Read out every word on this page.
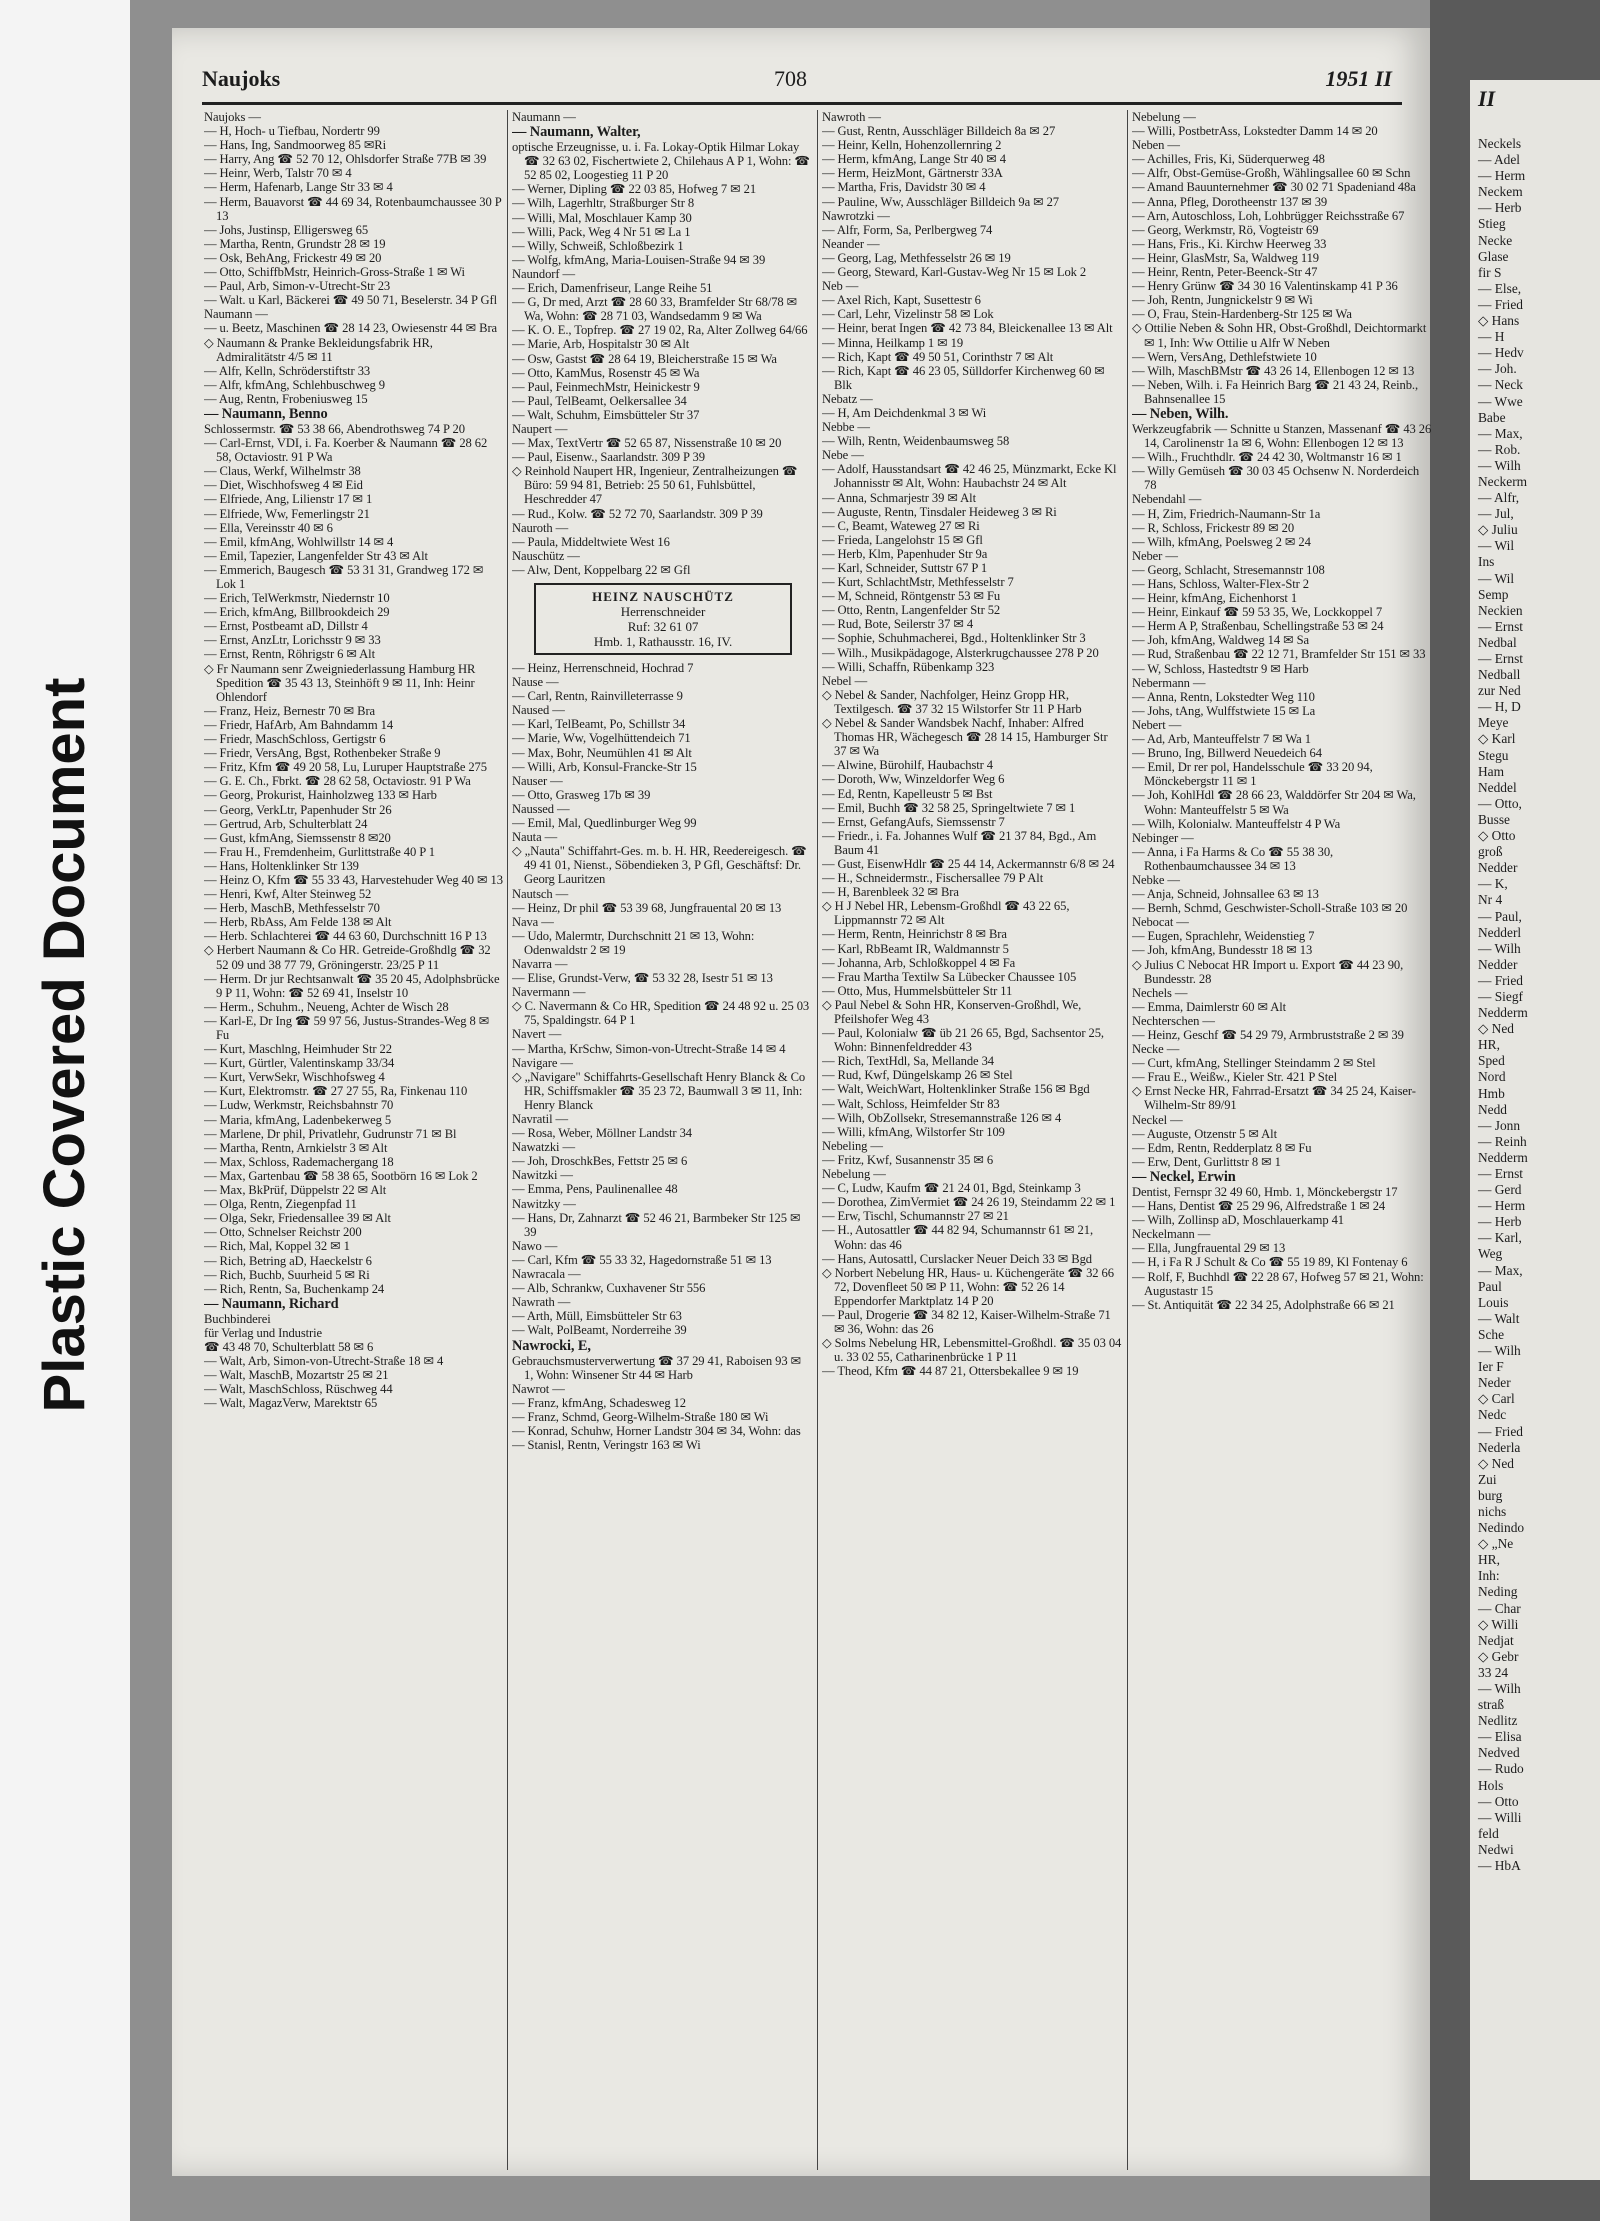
Plastic Covered Document
II
Neckels
— Adel
— Herm
Neckem
— Herb
Stieg
Necke
Glase
fir S
— Else,
— Fried
◇ Hans
— H
— Hedv
— Joh.
— Neck
— Wwe
Babe
— Max,
— Rob.
— Wilh
Neckerm
— Alfr,
— Jul,
◇ Juliu
— Wil
Ins
— Wil
Semp
Neckien
— Ernst
Nedbal
— Ernst
Nedball
zur Ned
— H, D
Meye
◇ Karl
Stegu
Ham
Neddel
— Otto,
Busse
◇ Otto
groß
Nedder
— K,
Nr 4
— Paul,
Nedderl
— Wilh
Nedder
— Fried
— Siegf
Nedderm
◇ Ned
HR,
Sped
Nord
Hmb
Nedd
— Jonn
— Reinh
Nedderm
— Ernst
— Gerd
— Herm
— Herb
— Karl,
Weg
— Max,
Paul
Louis
— Walt
Sche
— Wilh
Ier F
Neder
◇ Carl
Nedc
— Fried
Nederla
◇ Ned
Zui
burg
nichs
Nedindo
◇ „Ne
HR,
Inh:
Neding
— Char
◇ Willi
Nedjat
◇ Gebr
33 24
— Wilh
straß
Nedlitz
— Elisa
Nedved
— Rudo
Hols
— Otto
— Willi
feld
Nedwi
— HbA
Naujoks	708	1951 II

Naujoks —

— H, Hoch- u Tiefbau, Nordertr 99

— Hans, Ing, Sandmoorweg 85 ✉Ri

— Harry, Ang ☎ 52 70 12, Ohlsdorfer Straße 77B ✉ 39

— Heinr, Werb, Talstr 70 ✉ 4

— Herm, Hafenarb, Lange Str 33 ✉ 4

— Herm, Bauavorst ☎ 44 69 34, Rotenbaumchaussee 30 P 13

— Johs, Justinsp, Elligersweg 65

— Martha, Rentn, Grundstr 28 ✉ 19

— Osk, BehAng, Frickestr 49 ✉ 20

— Otto, SchiffbMstr, Heinrich-Gross-Straße 1 ✉ Wi

— Paul, Arb, Simon-v-Utrecht-Str 23

— Walt. u Karl, Bäckerei ☎ 49 50 71, Beselerstr. 34 P Gfl

Naumann —

— u. Beetz, Maschinen ☎ 28 14 23, Owiesenstr 44 ✉ Bra

◇ Naumann & Pranke Bekleidungsfabrik HR, Admiralitätstr 4/5 ✉ 11

— Alfr, Kelln, Schröderstiftstr 33

— Alfr, kfmAng, Schlehbuschweg 9

— Aug, Rentn, Frobeniusweg 15

— Naumann, Benno

Schlossermstr. ☎ 53 38 66, Abendrothsweg 74 P 20

— Carl-Ernst, VDI, i. Fa. Koerber & Naumann ☎ 28 62 58, Octaviostr. 91 P Wa

— Claus, Werkf, Wilhelmstr 38

— Diet, Wischhofsweg 4 ✉ Eid

— Elfriede, Ang, Lilienstr 17 ✉ 1

— Elfriede, Ww, Femerlingstr 21

— Ella, Vereinsstr 40 ✉ 6

— Emil, kfmAng, Wohlwillstr 14 ✉ 4

— Emil, Tapezier, Langenfelder Str 43 ✉ Alt

— Emmerich, Baugesch ☎ 53 31 31, Grandweg 172 ✉ Lok 1

— Erich, TelWerkmstr, Niedernstr 10

— Erich, kfmAng, Billbrookdeich 29

— Ernst, Postbeamt aD, Dillstr 4

— Ernst, AnzLtr, Lorichsstr 9 ✉ 33

— Ernst, Rentn, Röhrigstr 6 ✉ Alt

◇ Fr Naumann senr Zweigniederlassung Hamburg HR Spedition ☎ 35 43 13, Steinhöft 9 ✉ 11, Inh: Heinr Ohlendorf

— Franz, Heiz, Bernestr 70 ✉ Bra

— Friedr, HafArb, Am Bahndamm 14

— Friedr, MaschSchloss, Gertigstr 6

— Friedr, VersAng, Bgst, Rothenbeker Straße 9

— Fritz, Kfm ☎ 49 20 58, Lu, Luruper Hauptstraße 275

— G. E. Ch., Fbrkt. ☎ 28 62 58, Octaviostr. 91 P Wa

— Georg, Prokurist, Hainholzweg 133 ✉ Harb

— Georg, VerkLtr, Papenhuder Str 26

— Gertrud, Arb, Schulterblatt 24

— Gust, kfmAng, Siemssenstr 8 ✉20

— Frau H., Fremdenheim, Gurlittstraße 40 P 1

— Hans, Holtenklinker Str 139

— Heinz O, Kfm ☎ 55 33 43, Harvestehuder Weg 40 ✉ 13

— Henri, Kwf, Alter Steinweg 52

— Herb, MaschB, Methfesselstr 70

— Herb, RbAss, Am Felde 138 ✉ Alt

— Herb. Schlachterei ☎ 44 63 60, Durchschnitt 16 P 13

◇ Herbert Naumann & Co HR. Getreide-Großhdlg ☎ 32 52 09 und 38 77 79, Gröningerstr. 23/25 P 11

— Herm. Dr jur Rechtsanwalt ☎ 35 20 45, Adolphsbrücke 9 P 11, Wohn: ☎ 52 69 41, Inselstr 10

— Herm., Schuhm., Neueng, Achter de Wisch 28

— Karl-E, Dr Ing ☎ 59 97 56, Justus-Strandes-Weg 8 ✉ Fu

— Kurt, Maschlng, Heimhuder Str 22

— Kurt, Gürtler, Valentinskamp 33/34

— Kurt, VerwSekr, Wischhofsweg 4

— Kurt, Elektromstr. ☎ 27 27 55, Ra, Finkenau 110

— Ludw, Werkmstr, Reichsbahnstr 70

— Maria, kfmAng, Ladenbekerweg 5

— Marlene, Dr phil, Privatlehr, Gudrunstr 71 ✉ Bl

— Martha, Rentn, Arnkielstr 3 ✉ Alt

— Max, Schloss, Rademachergang 18

— Max, Gartenbau ☎ 58 38 65, Sootbörn 16 ✉ Lok 2

— Max, BkPrüf, Düppelstr 22 ✉ Alt

— Olga, Rentn, Ziegenpfad 11

— Olga, Sekr, Friedensallee 39 ✉ Alt

— Otto, Schnelser Reichstr 200

— Rich, Mal, Koppel 32 ✉ 1

— Rich, Betring aD, Haeckelstr 6

— Rich, Buchb, Suurheid 5 ✉ Ri

— Rich, Rentn, Sa, Buchenkamp 24

— Naumann, Richard

Buchbinderei

für Verlag und Industrie

☎ 43 48 70, Schulterblatt 58 ✉ 6

— Walt, Arb, Simon-von-Utrecht-Straße 18 ✉ 4

— Walt, MaschB, Mozartstr 25 ✉ 21

— Walt, MaschSchloss, Rüschweg 44

— Walt, MagazVerw, Marektstr 65

Naumann —

— Naumann, Walter,

optische Erzeugnisse, u. i. Fa. Lokay-Optik Hilmar Lokay ☎ 32 63 02, Fischertwiete 2, Chilehaus A P 1, Wohn: ☎ 52 85 02, Loogestieg 11 P 20

— Werner, Dipling ☎ 22 03 85, Hofweg 7 ✉ 21

— Wilh, Lagerhltr, Straßburger Str 8

— Willi, Mal, Moschlauer Kamp 30

— Willi, Pack, Weg 4 Nr 51 ✉ La 1

— Willy, Schweiß, Schloßbezirk 1

— Wolfg, kfmAng, Maria-Louisen-Straße 94 ✉ 39

Naundorf —

— Erich, Damenfriseur, Lange Reihe 51

— G, Dr med, Arzt ☎ 28 60 33, Bramfelder Str 68/78 ✉ Wa, Wohn: ☎ 28 71 03, Wandsedamm 9 ✉ Wa

— K. O. E., Topfrep. ☎ 27 19 02, Ra, Alter Zollweg 64/66

— Marie, Arb, Hospitalstr 30 ✉ Alt

— Osw, Gastst ☎ 28 64 19, Bleicherstraße 15 ✉ Wa

— Otto, KamMus, Rosenstr 45 ✉ Wa

— Paul, FeinmechMstr, Heinickestr 9

— Paul, TelBeamt, Oelkersallee 34

— Walt, Schuhm, Eimsbütteler Str 37

Naupert —

— Max, TextVertr ☎ 52 65 87, Nissenstraße 10 ✉ 20

— Paul, Eisenw., Saarlandstr. 309 P 39

◇ Reinhold Naupert HR, Ingenieur, Zentralheizungen ☎ Büro: 59 94 81, Betrieb: 25 50 61, Fuhlsbüttel, Heschredder 47

— Rud., Kolw. ☎ 52 72 70, Saarlandstr. 309 P 39

Nauroth —

— Paula, Middeltwiete West 16

Nauschütz —

— Alw, Dent, Koppelbarg 22 ✉ Gfl

HEINZ NAUSCHÜTZ
Herrenschneider
Ruf: 32 61 07
Hmb. 1, Rathausstr. 16, IV.

— Heinz, Herrenschneid, Hochrad 7

Nause —

— Carl, Rentn, Rainvilleterrasse 9

Naused —

— Karl, TelBeamt, Po, Schillstr 34

— Marie, Ww, Vogelhüttendeich 71

— Max, Bohr, Neumühlen 41 ✉ Alt

— Willi, Arb, Konsul-Francke-Str 15

Nauser —

— Otto, Grasweg 17b ✉ 39

Naussed —

— Emil, Mal, Quedlinburger Weg 99

Nauta —

◇ „Nauta" Schiffahrt-Ges. m. b. H. HR, Reedereigesch. ☎ 49 41 01, Nienst., Söbendieken 3, P Gfl, Geschäftsf: Dr. Georg Lauritzen

Nautsch —

— Heinz, Dr phil ☎ 53 39 68, Jungfrauental 20 ✉ 13

Nava —

— Udo, Malermtr, Durchschnitt 21 ✉ 13, Wohn: Odenwaldstr 2 ✉ 19

Navarra —

— Elise, Grundst-Verw, ☎ 53 32 28, Isestr 51 ✉ 13

Navermann —

◇ C. Navermann & Co HR, Spedition ☎ 24 48 92 u. 25 03 75, Spaldingstr. 64 P 1

Navert —

— Martha, KrSchw, Simon-von-Utrecht-Straße 14 ✉ 4

Navigare —

◇ „Navigare" Schiffahrts-Gesellschaft Henry Blanck & Co HR, Schiffsmakler ☎ 35 23 72, Baumwall 3 ✉ 11, Inh: Henry Blanck

Navratil —

— Rosa, Weber, Möllner Landstr 34

Nawatzki —

— Joh, DroschkBes, Fettstr 25 ✉ 6

Nawitzki —

— Emma, Pens, Paulinenallee 48

Nawitzky —

— Hans, Dr, Zahnarzt ☎ 52 46 21, Barmbeker Str 125 ✉ 39

Nawo —

— Carl, Kfm ☎ 55 33 32, Hagedornstraße 51 ✉ 13

Nawracala —

— Alb, Schrankw, Cuxhavener Str 556

Nawrath —

— Arth, Müll, Eimsbütteler Str 63

— Walt, PolBeamt, Norderreihe 39

Nawrocki, E,

Gebrauchsmusterverwertung ☎ 37 29 41, Raboisen 93 ✉ 1, Wohn: Winsener Str 44 ✉ Harb

Nawrot —

— Franz, kfmAng, Schadesweg 12

— Franz, Schmd, Georg-Wilhelm-Straße 180 ✉ Wi

— Konrad, Schuhw, Horner Landstr 304 ✉ 34, Wohn: das

— Stanisl, Rentn, Veringstr 163 ✉ Wi

Nawroth —

— Gust, Rentn, Ausschläger Billdeich 8a ✉ 27

— Heinr, Kelln, Hohenzollernring 2

— Herm, kfmAng, Lange Str 40 ✉ 4

— Herm, HeizMont, Gärtnerstr 33A

— Martha, Fris, Davidstr 30 ✉ 4

— Pauline, Ww, Ausschläger Billdeich 9a ✉ 27

Nawrotzki —

— Alfr, Form, Sa, Perlbergweg 74

Neander —

— Georg, Lag, Methfesselstr 26 ✉ 19

— Georg, Steward, Karl-Gustav-Weg Nr 15 ✉ Lok 2

Neb —

— Axel Rich, Kapt, Susettestr 6

— Carl, Lehr, Vizelinstr 58 ✉ Lok

— Heinr, berat Ingen ☎ 42 73 84, Bleickenallee 13 ✉ Alt

— Minna, Heilkamp 1 ✉ 19

— Rich, Kapt ☎ 49 50 51, Corinthstr 7 ✉ Alt

— Rich, Kapt ☎ 46 23 05, Sülldorfer Kirchenweg 60 ✉ Blk

Nebatz —

— H, Am Deichdenkmal 3 ✉ Wi

Nebbe —

— Wilh, Rentn, Weidenbaumsweg 58

Nebe —

— Adolf, Hausstandsart ☎ 42 46 25, Münzmarkt, Ecke Kl Johannisstr ✉ Alt, Wohn: Haubachstr 24 ✉ Alt

— Anna, Schmarjestr 39 ✉ Alt

— Auguste, Rentn, Tinsdaler Heideweg 3 ✉ Ri

— C, Beamt, Wateweg 27 ✉ Ri

— Frieda, Langelohstr 15 ✉ Gfl

— Herb, Klm, Papenhuder Str 9a

— Karl, Schneider, Suttstr 67 P 1

— Kurt, SchlachtMstr, Methfesselstr 7

— M, Schneid, Röntgenstr 53 ✉ Fu

— Otto, Rentn, Langenfelder Str 52

— Rud, Bote, Seilerstr 37 ✉ 4

— Sophie, Schuhmacherei, Bgd., Holtenklinker Str 3

— Wilh., Musikpädagoge, Alsterkrugchaussee 278 P 20

— Willi, Schaffn, Rübenkamp 323

Nebel —

◇ Nebel & Sander, Nachfolger, Heinz Gropp HR, Textilgesch. ☎ 37 32 15 Wilstorfer Str 11 P Harb

◇ Nebel & Sander Wandsbek Nachf, Inhaber: Alfred Thomas HR, Wächegesch ☎ 28 14 15, Hamburger Str 37 ✉ Wa

— Alwine, Bürohilf, Haubachstr 4

— Doroth, Ww, Winzeldorfer Weg 6

— Ed, Rentn, Kapelleustr 5 ✉ Bst

— Emil, Buchh ☎ 32 58 25, Springeltwiete 7 ✉ 1

— Ernst, GefangAufs, Siemssenstr 7

— Friedr., i. Fa. Johannes Wulf ☎ 21 37 84, Bgd., Am Baum 41

— Gust, EisenwHdlr ☎ 25 44 14, Ackermannstr 6/8 ✉ 24

— H., Schneidermstr., Fischersallee 79 P Alt

— H, Barenbleek 32 ✉ Bra

◇ H J Nebel HR, Lebensm-Großhdl ☎ 43 22 65, Lippmannstr 72 ✉ Alt

— Herm, Rentn, Heinrichstr 8 ✉ Bra

— Karl, RbBeamt IR, Waldmannstr 5

— Johanna, Arb, Schloßkoppel 4 ✉ Fa

— Frau Martha Textilw Sa Lübecker Chaussee 105

— Otto, Mus, Hummelsbütteler Str 11

◇ Paul Nebel & Sohn HR, Konserven-Großhdl, We, Pfeilshofer Weg 43

— Paul, Kolonialw ☎ üb 21 26 65, Bgd, Sachsentor 25, Wohn: Binnenfeldredder 43

— Rich, TextHdl, Sa, Mellande 34

— Rud, Kwf, Düngelskamp 26 ✉ Stel

— Walt, WeichWart, Holtenklinker Straße 156 ✉ Bgd

— Walt, Schloss, Heimfelder Str 83

— Wilh, ObZollsekr, Stresemannstraße 126 ✉ 4

— Willi, kfmAng, Wilstorfer Str 109

Nebeling —

— Fritz, Kwf, Susannenstr 35 ✉ 6

Nebelung —

— C, Ludw, Kaufm ☎ 21 24 01, Bgd, Steinkamp 3

— Dorothea, ZimVermiet ☎ 24 26 19, Steindamm 22 ✉ 1

— Erw, Tischl, Schumannstr 27 ✉ 21

— H., Autosattler ☎ 44 82 94, Schumannstr 61 ✉ 21, Wohn: das 46

— Hans, Autosattl, Curslacker Neuer Deich 33 ✉ Bgd

◇ Norbert Nebelung HR, Haus- u. Küchengeräte ☎ 32 66 72, Dovenfleet 50 ✉ P 11, Wohn: ☎ 52 26 14 Eppendorfer Marktplatz 14 P 20

— Paul, Drogerie ☎ 34 82 12, Kaiser-Wilhelm-Straße 71 ✉ 36, Wohn: das 26

◇ Solms Nebelung HR, Lebensmittel-Großhdl. ☎ 35 03 04 u. 33 02 55, Catharinenbrücke 1 P 11

— Theod, Kfm ☎ 44 87 21, Ottersbekallee 9 ✉ 19

Nebelung —

— Willi, PostbetrAss, Lokstedter Damm 14 ✉ 20

Neben —

— Achilles, Fris, Ki, Süderquerweg 48

— Alfr, Obst-Gemüse-Großh, Wählingsallee 60 ✉ Schn

— Amand Bauunternehmer ☎ 30 02 71 Spadeniand 48a

— Anna, Pfleg, Dorotheenstr 137 ✉ 39

— Arn, Autoschloss, Loh, Lohbrügger Reichsstraße 67

— Georg, Werkmstr, Rö, Vogteistr 69

— Hans, Fris., Ki. Kirchw Heerweg 33

— Heinr, GlasMstr, Sa, Waldweg 119

— Heinr, Rentn, Peter-Beenck-Str 47

— Henry Grünw ☎ 34 30 16 Valentinskamp 41 P 36

— Joh, Rentn, Jungnickelstr 9 ✉ Wi

— O, Frau, Stein-Hardenberg-Str 125 ✉ Wa

◇ Ottilie Neben & Sohn HR, Obst-Großhdl, Deichtormarkt ✉ 1, Inh: Ww Ottilie u Alfr W Neben

— Wern, VersAng, Dethlefstwiete 10

— Wilh, MaschBMstr ☎ 43 26 14, Ellenbogen 12 ✉ 13

— Neben, Wilh. i. Fa Heinrich Barg ☎ 21 43 24, Reinb., Bahnsenallee 15

— Neben, Wilh.

Werkzeugfabrik — Schnitte u Stanzen, Massenanf ☎ 43 26 14, Carolinenstr 1a ✉ 6, Wohn: Ellenbogen 12 ✉ 13

— Wilh., Fruchthdlr. ☎ 24 42 30, Woltmanstr 16 ✉ 1

— Willy Gemüseh ☎ 30 03 45 Ochsenw N. Norderdeich 78

Nebendahl —

— H, Zim, Friedrich-Naumann-Str 1a

— R, Schloss, Frickestr 89 ✉ 20

— Wilh, kfmAng, Poelsweg 2 ✉ 24

Neber —

— Georg, Schlacht, Stresemannstr 108

— Hans, Schloss, Walter-Flex-Str 2

— Heinr, kfmAng, Eichenhorst 1

— Heinr, Einkauf ☎ 59 53 35, We, Lockkoppel 7

— Herm A P, Straßenbau, Schellingstraße 53 ✉ 24

— Joh, kfmAng, Waldweg 14 ✉ Sa

— Rud, Straßenbau ☎ 22 12 71, Bramfelder Str 151 ✉ 33

— W, Schloss, Hastedtstr 9 ✉ Harb

Nebermann —

— Anna, Rentn, Lokstedter Weg 110

— Johs, tAng, Wulffstwiete 15 ✉ La

Nebert —

— Ad, Arb, Manteuffelstr 7 ✉ Wa 1

— Bruno, Ing, Billwerd Neuedeich 64

— Emil, Dr rer pol, Handelsschule ☎ 33 20 94, Mönckebergstr 11 ✉ 1

— Joh, KohlHdl ☎ 28 66 23, Walddörfer Str 204 ✉ Wa, Wohn: Manteuffelstr 5 ✉ Wa

— Wilh, Kolonialw. Manteuffelstr 4 P Wa

Nebinger —

— Anna, i Fa Harms & Co ☎ 55 38 30, Rothenbaumchaussee 34 ✉ 13

Nebke —

— Anja, Schneid, Johnsallee 63 ✉ 13

— Bernh, Schmd, Geschwister-Scholl-Straße 103 ✉ 20

Nebocat —

— Eugen, Sprachlehr, Weidenstieg 7

— Joh, kfmAng, Bundesstr 18 ✉ 13

◇ Julius C Nebocat HR Import u. Export ☎ 44 23 90, Bundesstr. 28

Nechels —

— Emma, Daimlerstr 60 ✉ Alt

Nechterschen —

— Heinz, Geschf ☎ 54 29 79, Armbruststraße 2 ✉ 39

Necke —

— Curt, kfmAng, Stellinger Steindamm 2 ✉ Stel

— Frau E., Weißw., Kieler Str. 421 P Stel

◇ Ernst Necke HR, Fahrrad-Ersatzt ☎ 34 25 24, Kaiser-Wilhelm-Str 89/91

Neckel —

— Auguste, Otzenstr 5 ✉ Alt

— Edm, Rentn, Redderplatz 8 ✉ Fu

— Erw, Dent, Gurlittstr 8 ✉ 1

— Neckel, Erwin

Dentist, Fernspr 32 49 60, Hmb. 1, Mönckebergstr 17

— Hans, Dentist ☎ 25 29 96, Alfredstraße 1 ✉ 24

— Wilh, Zollinsp aD, Moschlauerkamp 41

Neckelmann —

— Ella, Jungfrauental 29 ✉ 13

— H, i Fa R J Schult & Co ☎ 55 19 89, Kl Fontenay 6

— Rolf, F, Buchhdl ☎ 22 28 67, Hofweg 57 ✉ 21, Wohn: Augustastr 15

— St. Antiquität ☎ 22 34 25, Adolphstraße 66 ✉ 21
